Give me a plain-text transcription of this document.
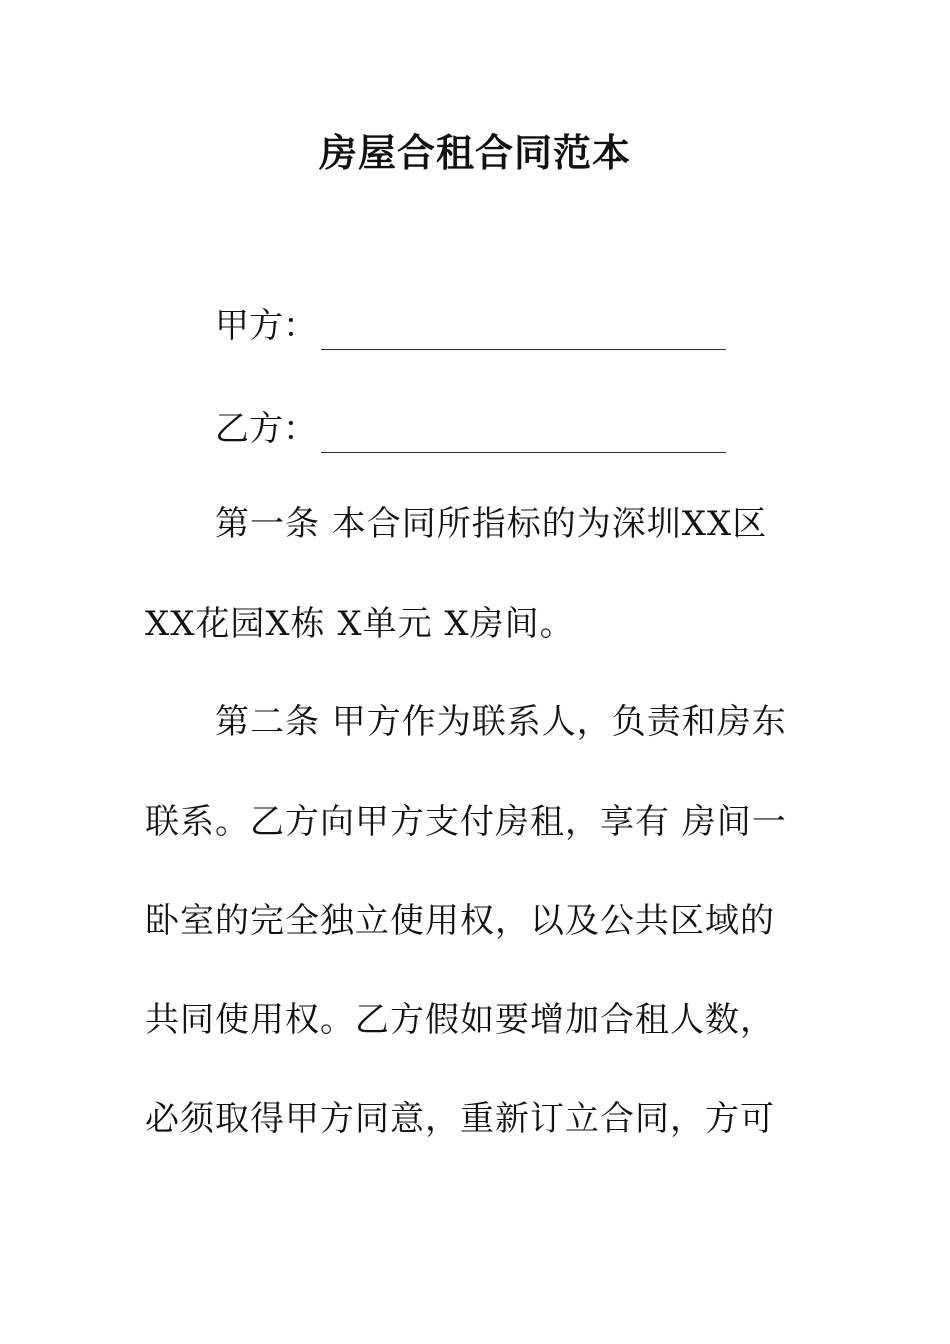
房屋合租合同范本
甲方：
乙方：
第一条 本合同所指标的为深圳XX区
XX花园X栋 X单元 X房间。
第二条 甲方作为联系人，负责和房东
联系。乙方向甲方支付房租，享有 房间一
卧室的完全独立使用权，以及公共区域的
共同使用权。乙方假如要增加合租人数，
必须取得甲方同意，重新订立合同，方可
